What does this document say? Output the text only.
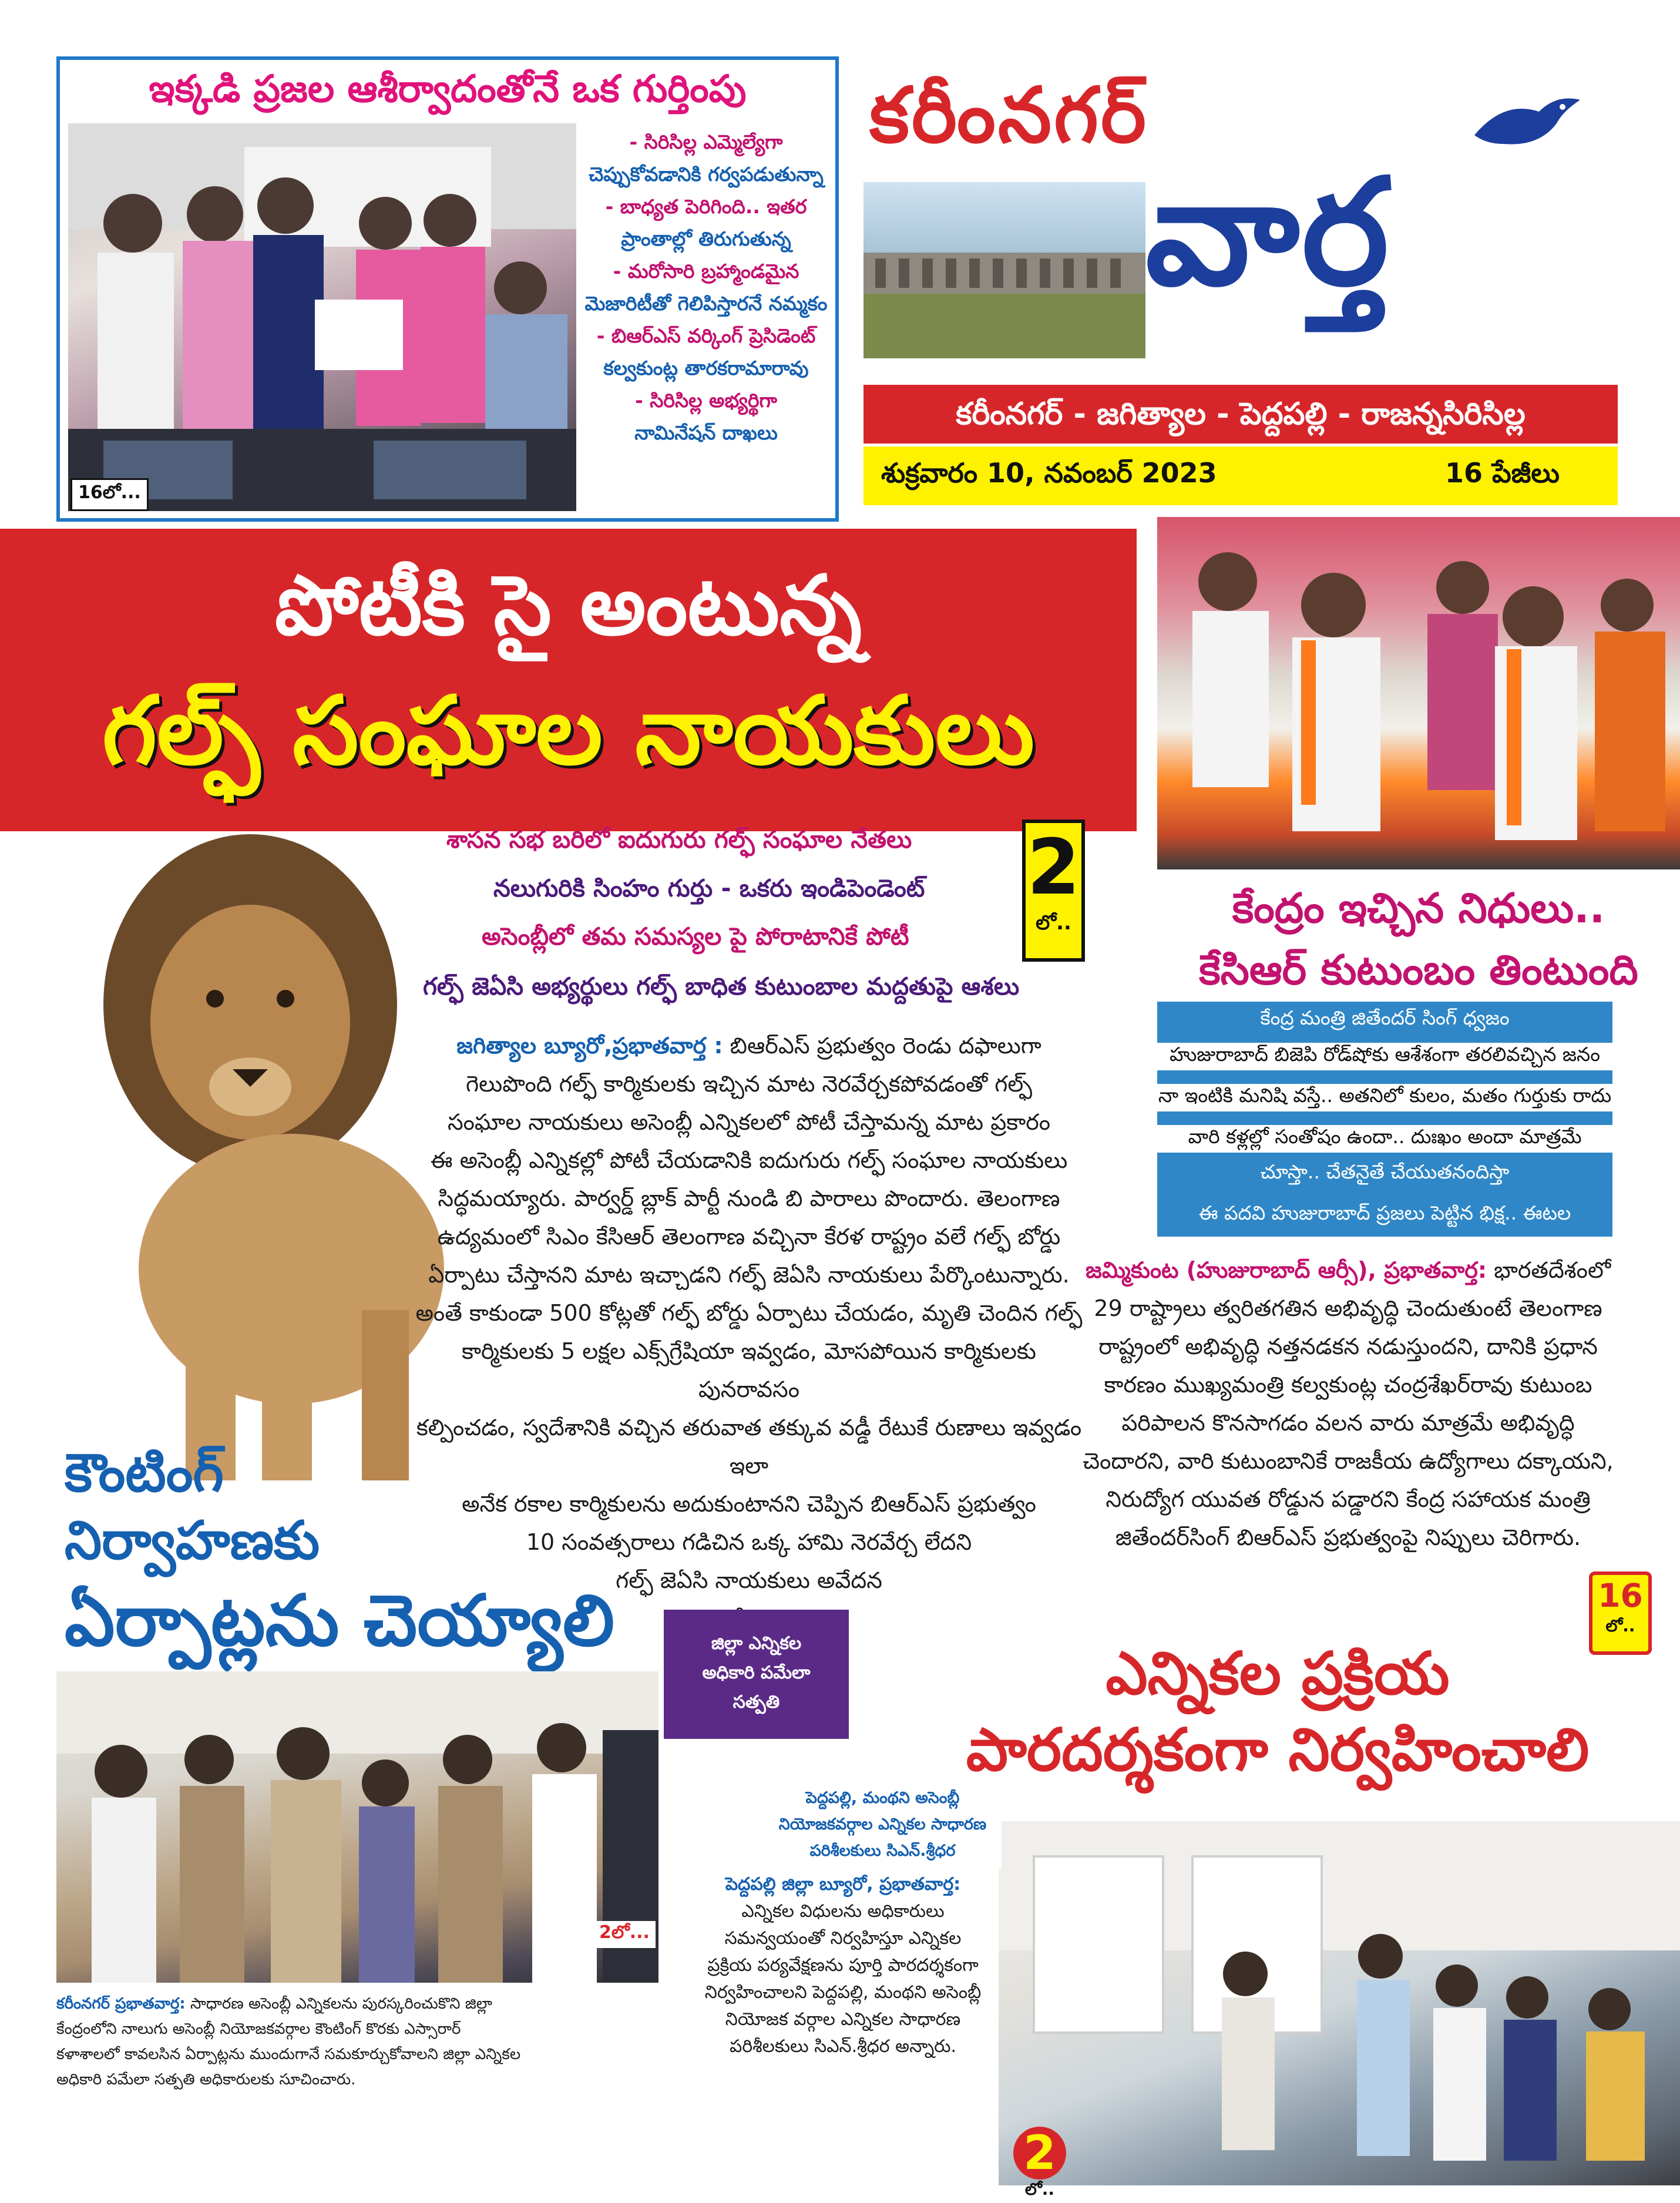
ఇక్కడి ప్రజల ఆశీర్వాదంతోనే ఒక గుర్తింపు
16లో...
- సిరిసిల్ల ఎమ్మెల్యేగా
చెప్పుకోవడానికి గర్వపడుతున్నా
- బాధ్యత పెరిగింది.. ఇతర
ప్రాంతాల్లో తిరుగుతున్న
- మరోసారి బ్రహ్మాండమైన
మెజారిటీతో గెలిపిస్తారనే నమ్మకం
- బిఆర్ఎస్ వర్కింగ్ ప్రెసిడెంట్
కల్వకుంట్ల తారకరామారావు
- సిరిసిల్ల అభ్యర్థిగా
నామినేషన్ దాఖలు
కరీంనగర్
వార్త
కరీంనగర్ - జగిత్యాల - పెద్దపల్లి - రాజన్నసిరిసిల్ల
శుక్రవారం 10, నవంబర్ 2023	16 పేజీలు
పోటీకి సై అంటున్న
గల్ఫ్ సంఘాల నాయకులు
2
లో..
శాసన సభ బరిలో ఐదుగురు గల్ఫ్ సంఘాల నేతలు
నలుగురికి సింహం గుర్తు - ఒకరు ఇండిపెండెంట్
అసెంబ్లీలో తమ సమస్యల పై పోరాటానికే పోటీ
గల్ఫ్ జెఏసి అభ్యర్థులు గల్ఫ్ బాధిత కుటుంబాల మద్దతుపై ఆశలు
జగిత్యాల బ్యూరో,ప్రభాతవార్త : బిఆర్ఎస్ ప్రభుత్వం రెండు దఫాలుగా
గెలుపొంది గల్ఫ్ కార్మికులకు ఇచ్చిన మాట నెరవేర్చకపోవడంతో గల్ఫ్
సంఘాల నాయకులు అసెంబ్లీ ఎన్నికలలో పోటీ చేస్తామన్న మాట ప్రకారం
ఈ అసెంబ్లీ ఎన్నికల్లో పోటీ చేయడానికి ఐదుగురు గల్ఫ్ సంఘాల నాయకులు
సిద్ధమయ్యారు. పార్వర్డ్ బ్లాక్ పార్టీ నుండి బి పారాలు పొందారు. తెలంగాణ
ఉద్యమంలో సిఎం కేసిఆర్ తెలంగాణ వచ్చినా కేరళ రాష్ట్రం వలే గల్ఫ్ బోర్డు
ఏర్పాటు చేస్తానని మాట ఇచ్చాడని గల్ఫ్ జెఏసి నాయకులు పేర్కొంటున్నారు.
అంతే కాకుండా 500 కోట్లతో గల్ఫ్ బోర్డు ఏర్పాటు చేయడం, మృతి చెందిన గల్ఫ్
కార్మికులకు 5 లక్షల ఎక్స్‌గ్రేషియా ఇవ్వడం, మోసపోయిన కార్మికులకు పునరావసం
కల్పించడం, స్వదేశానికి వచ్చిన తరువాత తక్కువ వడ్డీ రేటుకే రుణాలు ఇవ్వడం ఇలా
అనేక రకాల కార్మికులను అదుకుంటానని చెప్పిన బిఆర్ఎస్ ప్రభుత్వం
10 సంవత్సరాలు గడిచిన ఒక్క హామి నెరవేర్చ లేదని
గల్ఫ్ జెఏసి నాయకులు అవేదన
కేంద్రం ఇచ్చిన నిధులు..
కేసిఆర్ కుటుంబం తింటుంది
కేంద్ర మంత్రి జితేందర్ సింగ్ ధ్వజం
హుజురాబాద్ బిజెపి రోడ్‌షోకు ఆశేశంగా తరలివచ్చిన జనం
నా ఇంటికి మనిషి వస్తే.. అతనిలో కులం, మతం గుర్తుకు రాదు
వారి కళ్లల్లో సంతోషం ఉందా.. దుఃఖం అందా మాత్రమే
చూస్తా.. చేతనైతే చేయుతనందిస్తా
ఈ పదవి హుజురాబాద్ ప్రజలు పెట్టిన భిక్ష.. ఈటల
జమ్మికుంట (హుజురాబాద్ ఆర్సీ), ప్రభాతవార్త: భారతదేశంలో
29 రాష్ట్రాలు త్వరితగతిన అభివృద్ధి చెందుతుంటే తెలంగాణ
రాష్ట్రంలో అభివృద్ధి నత్తనడకన నడుస్తుందని, దానికి ప్రధాన
కారణం ముఖ్యమంత్రి కల్వకుంట్ల చంద్రశేఖర్‌రావు కుటుంబ
పరిపాలన కొనసాగడం వలన వారు మాత్రమే అభివృద్ధి
చెందారని, వారి కుటుంబానికే రాజకీయ ఉద్యోగాలు దక్కాయని,
నిరుద్యోగ యువత రోడ్డున పడ్డారని కేంద్ర సహాయక మంత్రి
జితేందర్‌సింగ్ బిఆర్ఎస్ ప్రభుత్వంపై నిప్పులు చెరిగారు.
16
లో..
కౌంటింగ్
నిర్వాహణకు
ఏర్పాట్లను చెయ్యాలి
2లో...
జిల్లా ఎన్నికల
అధికారి పమేలా
సత్పతి
కరీంనగర్ ప్రభాతవార్త: సాధారణ అసెంబ్లీ ఎన్నికలను పురస్కరించుకొని జిల్లా
కేంద్రంలోని నాలుగు అసెంబ్లీ నియోజకవర్గాల కౌంటింగ్ కొరకు ఎస్సారార్
కళాశాలలో కావలసిన ఏర్పాట్లను ముందుగానే సమకూర్చుకోవాలని జిల్లా ఎన్నికల
అధికారి పమేలా సత్పతి అధికారులకు సూచించారు.
ఎన్నికల ప్రక్రియ
పారదర్శకంగా నిర్వహించాలి
పెద్దపల్లి, మంథని అసెంబ్లీ
నియోజకవర్గాల ఎన్నికల సాధారణ
పరిశీలకులు సిఎన్.శ్రీధర
పెద్దపల్లి జిల్లా బ్యూరో, ప్రభాతవార్త:
ఎన్నికల విధులను అధికారులు
సమన్వయంతో నిర్వహిస్తూ ఎన్నికల
ప్రక్రియ పర్యవేక్షణను పూర్తి పారదర్శకంగా
నిర్వహించాలని పెద్దపల్లి, మంథని అసెంబ్లీ
నియోజక వర్గాల ఎన్నికల సాధారణ
పరిశీలకులు సిఎన్.శ్రీధర అన్నారు.
2
లో..
